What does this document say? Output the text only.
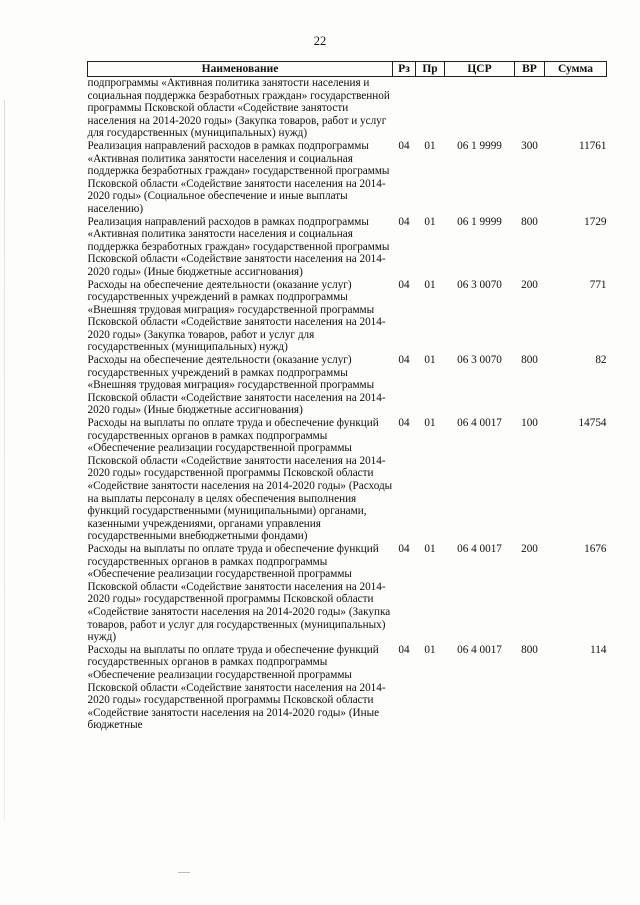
22
Наименование	Рз	Пр	ЦСР	ВР	Сумма
подпрограммы «Активная политика занятости населения и социальная поддержка безработных граждан» государственной программы Псковской области «Содействие занятости населения на 2014-2020 годы» (Закупка товаров, работ и услуг для государственных (муниципальных) нужд)					
Реализация направлений расходов в рамках подпрограммы «Активная политика занятости населения и социальная поддержка безработных граждан» государственной программы Псковской области «Содействие занятости населения на 2014-2020 годы» (Социальное обеспечение и иные выплаты населению)	04	01	06 1 9999	300	11761
Реализация направлений расходов в рамках подпрограммы «Активная политика занятости населения и социальная поддержка безработных граждан» государственной программы Псковской области «Содействие занятости населения на 2014-2020 годы» (Иные бюджетные ассигнования)	04	01	06 1 9999	800	1729
Расходы на обеспечение деятельности (оказание услуг) государственных учреждений в рамках подпрограммы «Внешняя трудовая миграция» государственной программы Псковской области «Содействие занятости населения на 2014-2020 годы» (Закупка товаров, работ и услуг для государственных (муниципальных) нужд)	04	01	06 3 0070	200	771
Расходы на обеспечение деятельности (оказание услуг) государственных учреждений в рамках подпрограммы «Внешняя трудовая миграция» государственной программы Псковской области «Содействие занятости населения на 2014-2020 годы» (Иные бюджетные ассигнования)	04	01	06 3 0070	800	82
Расходы на выплаты по оплате труда и обеспечение функций государственных органов в рамках подпрограммы «Обеспечение реализации государственной программы Псковской области «Содействие занятости населения на 2014-2020 годы» государственной программы Псковской области «Содействие занятости населения на 2014-2020 годы» (Расходы на выплаты персоналу в целях обеспечения выполнения функций государственными (муниципальными) органами, казенными учреждениями, органами управления государственными внебюджетными фондами)	04	01	06 4 0017	100	14754
Расходы на выплаты по оплате труда и обеспечение функций государственных органов в рамках подпрограммы «Обеспечение реализации государственной программы Псковской области «Содействие занятости населения на 2014-2020 годы» государственной программы Псковской области «Содействие занятости населения на 2014-2020 годы» (Закупка товаров, работ и услуг для государственных (муниципальных) нужд)	04	01	06 4 0017	200	1676
Расходы на выплаты по оплате труда и обеспечение функций государственных органов в рамках подпрограммы «Обеспечение реализации государственной программы Псковской области «Содействие занятости населения на 2014-2020 годы» государственной программы Псковской области «Содействие занятости населения на 2014-2020 годы» (Иные бюджетные	04	01	06 4 0017	800	114
